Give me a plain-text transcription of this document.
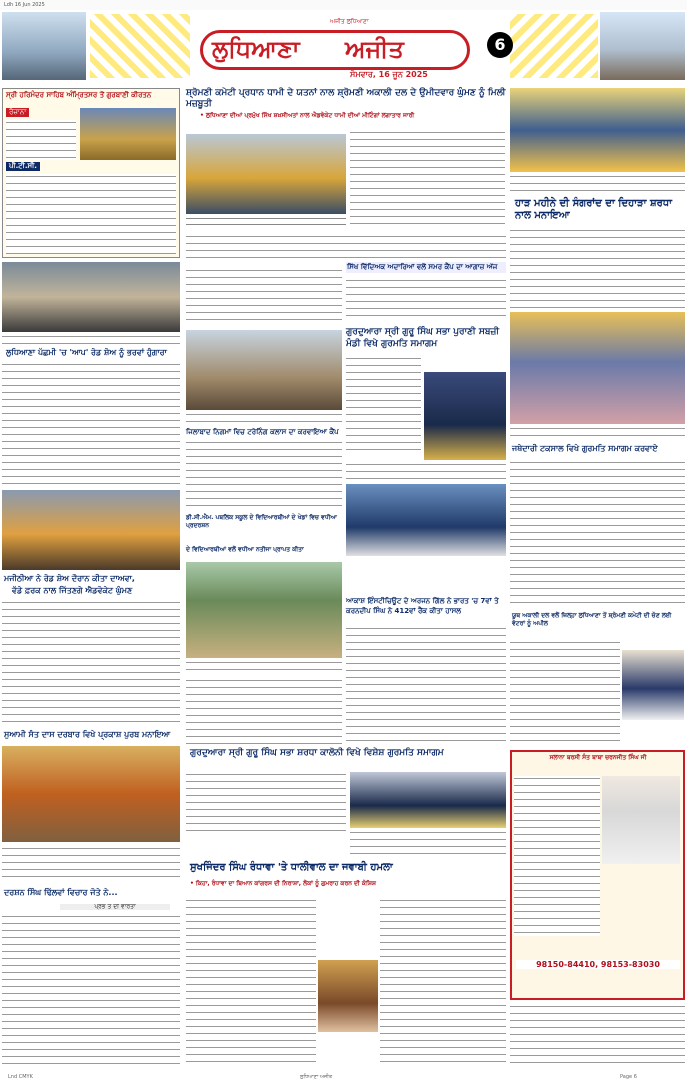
Ldh 16 Jun 2025
ਲੁਧਿਆਣਾ ਅਜੀਤ
ਅਜੀਤ ਲੁਧਿਆਣਾ
ਸੋਮਵਾਰ, 16 ਜੂਨ 2025
6
ਸ੍ਰੀ ਹਰਿਮੰਦਰ ਸਾਹਿਬ ਅੰਮ੍ਰਿਤਸਰ ਤੋਂ ਗੁਰਬਾਣੀ ਕੀਰਤਨ
ਰੋਜ਼ਾਨਾ
ਪੀ.ਟੀ.ਸੀ.
ਸ਼੍ਰੋਮਣੀ ਕਮੇਟੀ ਪ੍ਰਧਾਨ ਧਾਮੀ ਦੇ ਯਤਨਾਂ ਨਾਲ ਸ਼੍ਰੋਮਣੀ ਅਕਾਲੀ ਦਲ ਦੇ ਉਮੀਦਵਾਰ ਘੁੰਮਣ ਨੂੰ ਮਿਲੀ ਮਜ਼ਬੂਤੀ
• ਲੁਧਿਆਣਾ ਦੀਆਂ ਪ੍ਰਮੁੱਖ ਸਿੱਖ ਸ਼ਖ਼ਸੀਅਤਾਂ ਨਾਲ ਐਡਵੋਕੇਟ ਧਾਮੀ ਦੀਆਂ ਮੀਟਿੰਗਾਂ ਲਗਾਤਾਰ ਜਾਰੀ
ਹਾੜ ਮਹੀਨੇ ਦੀ ਸੰਗਰਾਂਦ ਦਾ ਦਿਹਾੜਾ ਸ਼ਰਧਾ ਨਾਲ ਮਨਾਇਆ
ਲੁਧਿਆਣਾ ਪੱਛਮੀ 'ਚ 'ਆਪ' ਰੋਡ ਸ਼ੋਅ ਨੂੰ ਭਰਵਾਂ ਹੁੰਗਾਰਾ
ਸਿੱਖ ਵਿੱਦਿਅਕ ਅਦਾਰਿਆਂ ਵਲੋਂ ਸਮਰ ਕੈਂਪ ਦਾ ਆਗਾਜ਼ ਅੱਜ
ਗੁਰਦੁਆਰਾ ਸ੍ਰੀ ਗੁਰੂ ਸਿੰਘ ਸਭਾ ਪੁਰਾਣੀ ਸਬਜ਼ੀ ਮੰਡੀ ਵਿਖੇ ਗੁਰਮਤਿ ਸਮਾਗਮ
ਜਿਲਾਬਾਦ ਨਿਗਮਾਂ ਵਿਚ ਟਰੇਨਿੰਗ ਕਲਾਸ ਦਾ ਕਰਵਾਇਆ ਕੈਂਪ
ਜਥੇਦਾਰੀ ਟਕਸਾਲ ਵਿਖੇ ਗੁਰਮਤਿ ਸਮਾਗਮ ਕਰਵਾਏ
ਮਜੀਠੀਆ ਨੇ ਰੋਡ ਸ਼ੋਅ ਦੌਰਾਨ ਕੀਤਾ ਦਾਅਵਾ,
ਵੱਡੇ ਫ਼ਰਕ ਨਾਲ ਜਿੱਤਣਗੇ ਐਡਵੋਕੇਟ ਘੁੰਮਣ
ਡੀ.ਸੀ.ਐਮ. ਪਬਲਿਕ ਸਕੂਲ ਦੇ ਵਿਦਿਆਰਥੀਆਂ ਦੇ ਖੇਡਾਂ ਵਿਚ ਵਧੀਆ ਪ੍ਰਦਰਸ਼ਨ
ਦੇ ਵਿਦਿਆਰਥੀਆਂ ਵਲੋਂ ਵਧੀਆ ਨਤੀਜਾ ਪ੍ਰਾਪਤ ਕੀਤਾ
ਆਕਾਸ਼ ਇੰਸਟੀਚਿਊਟ ਦੇ ਅਰਜਨ ਗਿੱਲ ਨੇ ਭਾਰਤ 'ਚ 7ਵਾਂ ਤੇ ਕਰਨਦੀਪ ਸਿੰਘ ਨੇ 412ਵਾਂ ਰੈਂਕ ਕੀਤਾ ਹਾਸਲ
ਯੂਥ ਅਕਾਲੀ ਦਲ ਵਲੋਂ ਜ਼ਿਲ੍ਹਾ ਲੁਧਿਆਣਾ ਤੋਂ ਸ਼੍ਰੋਮਣੀ ਕਮੇਟੀ ਦੀ ਚੋਣ ਲਈ ਵੋਟਰਾਂ ਨੂੰ ਅਪੀਲ
ਸੁਆਮੀ ਸੰਤ ਦਾਸ ਦਰਬਾਰ ਵਿਖੇ ਪ੍ਰਕਾਸ਼ ਪੁਰਬ ਮਨਾਇਆ
ਗੁਰਦੁਆਰਾ ਸ੍ਰੀ ਗੁਰੂ ਸਿੰਘ ਸਭਾ ਸ਼ਰਧਾ ਕਾਲੋਨੀ ਵਿਖੇ ਵਿਸ਼ੇਸ਼ ਗੁਰਮਤਿ ਸਮਾਗਮ
ਸੁਖਜਿੰਦਰ ਸਿੰਘ ਰੰਧਾਵਾ 'ਤੇ ਧਾਲੀਵਾਲ ਦਾ ਜਵਾਬੀ ਹਮਲਾ
• ਕਿਹਾ, ਰੰਧਾਵਾ ਦਾ ਬਿਆਨ ਕਾਂਗਰਸ ਦੀ ਨਿਰਾਸ਼ਾ, ਲੋਕਾਂ ਨੂੰ ਗੁਮਰਾਹ ਕਰਨ ਦੀ ਕੋਸ਼ਿਸ਼
ਦਰਸ਼ਨ ਸਿੰਘ ਢਿੱਲਵਾਂ ਵਿਚਾਰ ਜੋਤੇ ਨੇ...
ਪ੍ਰਭ ਤੋਂ ਦੀ ਵਾਰਤਾ
ਸਲਾਨਾ ਬਰਸੀ ਸੰਤ ਬਾਬਾ ਚਰਨਜੀਤ ਸਿੰਘ ਜੀ
98150-84410, 98153-83030
Lnd CMYK	ਲੁਧਿਆਣਾ ਅਜੀਤ	Page 6
